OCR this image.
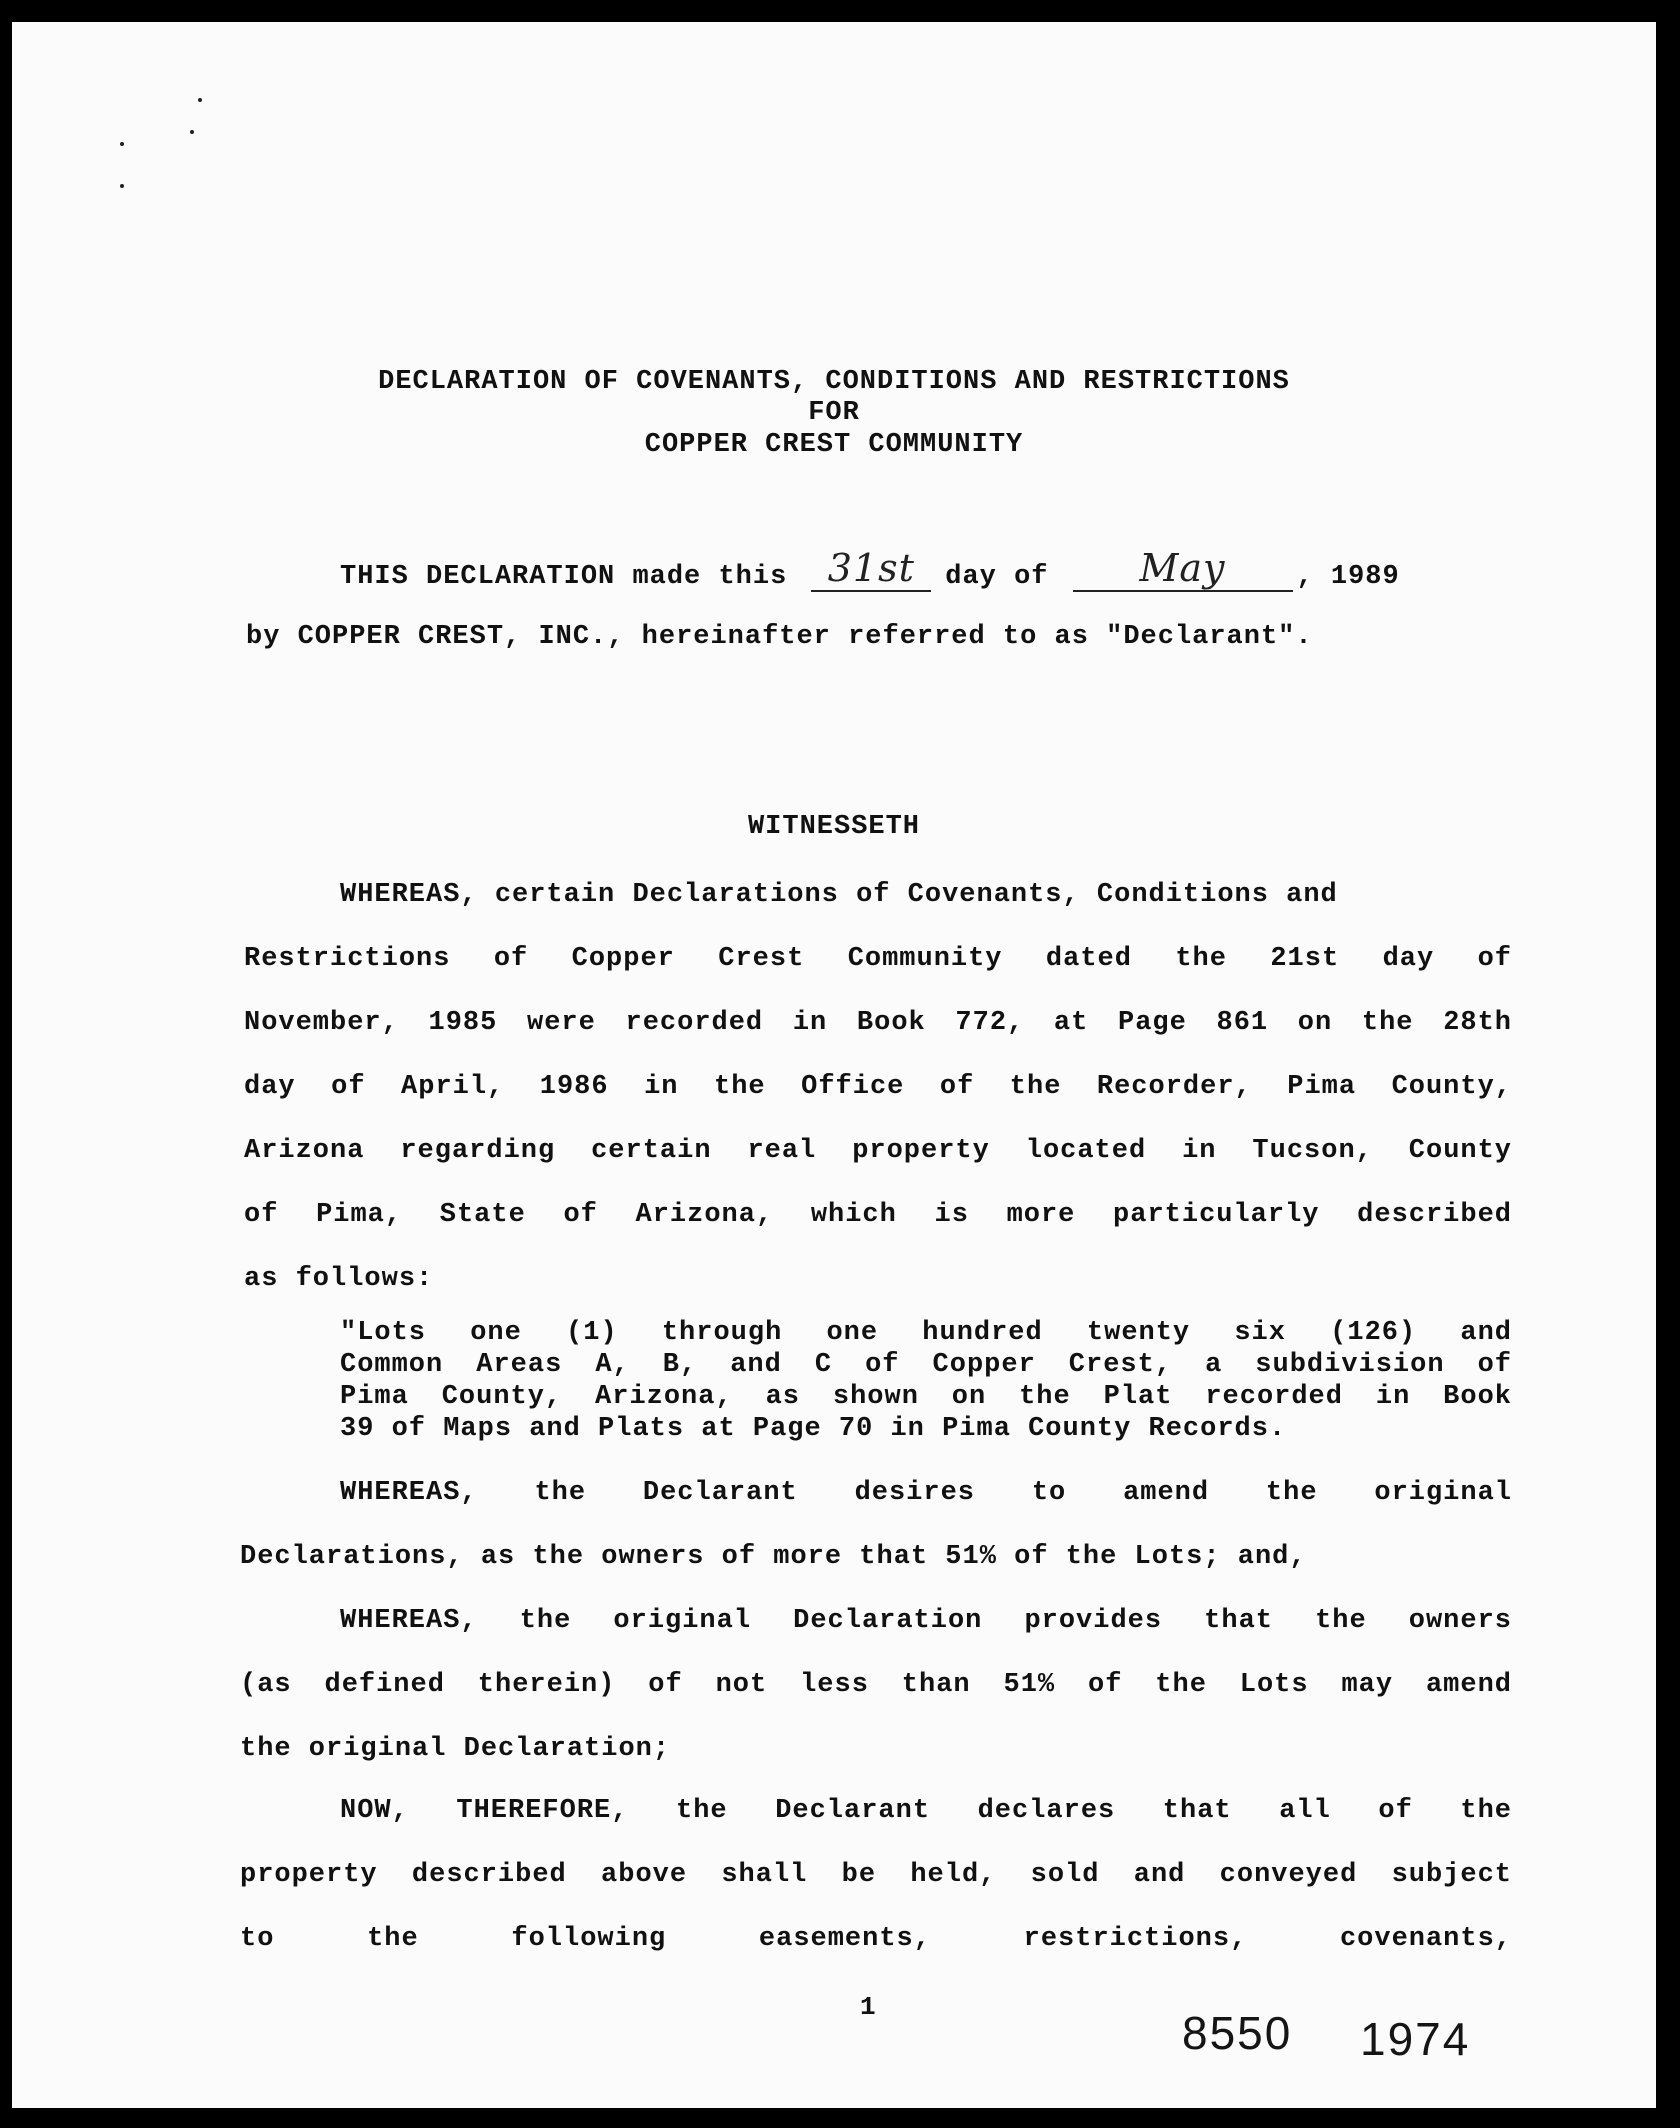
DECLARATION OF COVENANTS, CONDITIONS AND RESTRICTIONS
FOR
COPPER CREST COMMUNITY
THIS DECLARATION made this	31st	day of	May	, 1989
by COPPER CREST, INC., hereinafter referred to as "Declarant".
WITNESSETH
WHEREAS, certain Declarations of Covenants, Conditions and
Restrictions of Copper Crest Community dated the 21st day of
November, 1985 were recorded in Book 772, at Page 861 on the 28th
day of April, 1986 in the Office of the Recorder, Pima County,
Arizona regarding certain real property located in Tucson, County
of Pima, State of Arizona, which is more particularly described
as follows:
"Lots one (1) through one hundred twenty six (126) and
Common Areas A, B, and C of Copper Crest, a subdivision of
Pima County, Arizona, as shown on the Plat recorded in Book
39 of Maps and Plats at Page 70 in Pima County Records.
WHEREAS, the Declarant desires to amend the original
Declarations, as the owners of more that 51% of the Lots; and,
WHEREAS, the original Declaration provides that the owners
(as defined therein) of not less than 51% of the Lots may amend
the original Declaration;
NOW, THEREFORE, the Declarant declares that all of the
property described above shall be held, sold and conveyed subject
to the following easements, restrictions, covenants,
1	8550 1974
